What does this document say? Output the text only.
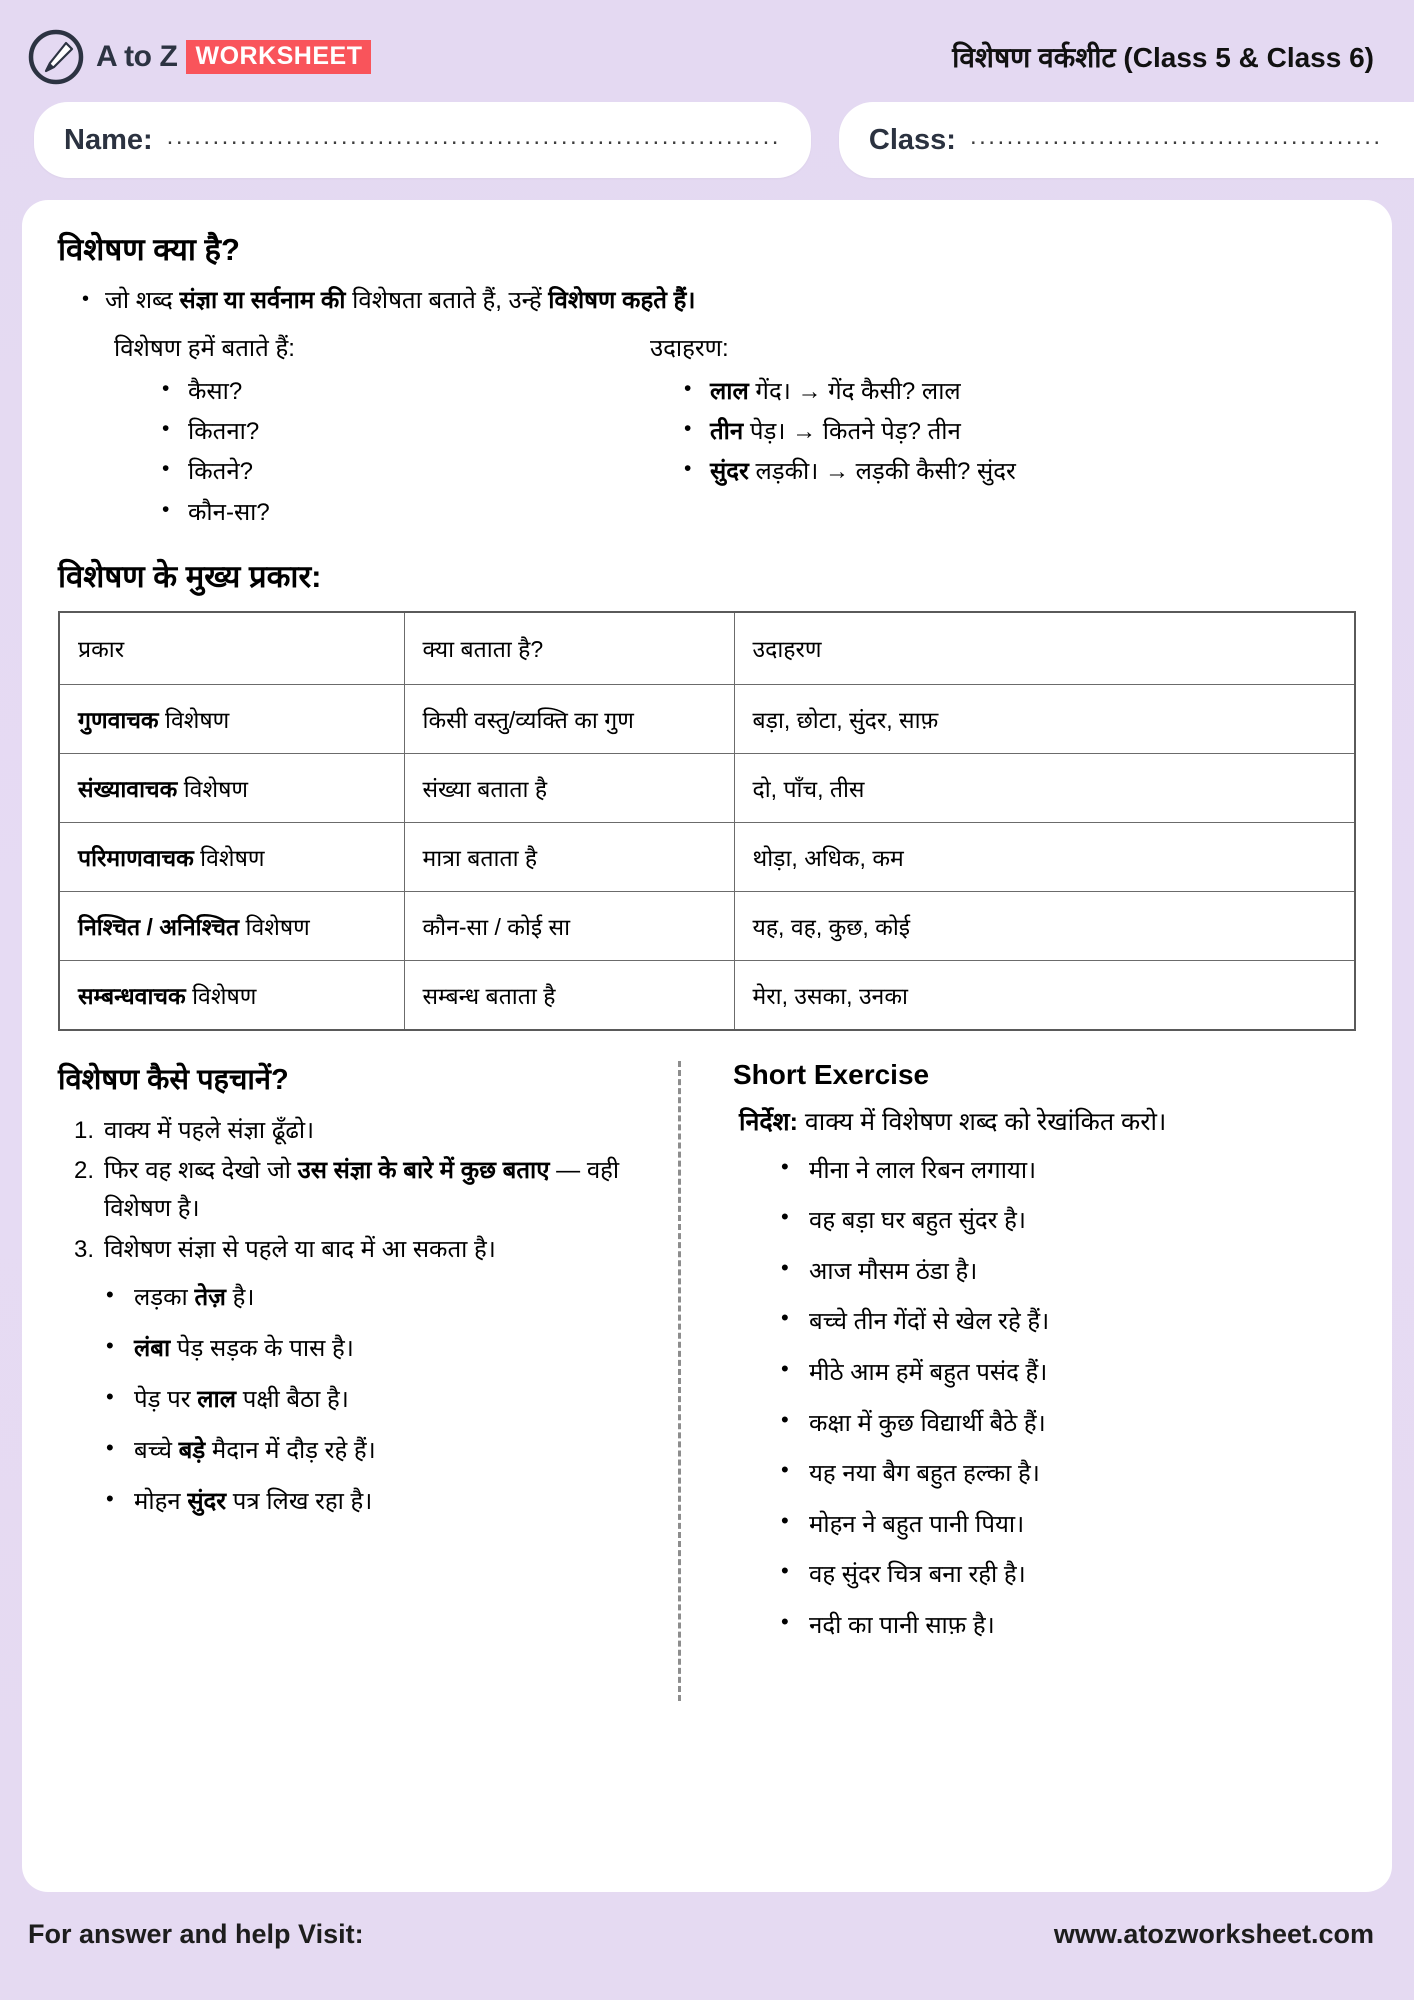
A to Z WORKSHEET	विशेषण वर्कशीट (Class 5 & Class 6)
Name: ...................................................................	Class: .............................................
विशेषण क्या है?
• जो शब्द संज्ञा या सर्वनाम की विशेषता बताते हैं, उन्हें विशेषण कहते हैं।
विशेषण हमें बताते हैं:
• कैसा?
• कितना?
• कितने?
• कौन-सा?
उदाहरण:
• लाल गेंद। → गेंद कैसी? लाल
• तीन पेड़। → कितने पेड़? तीन
• सुंदर लड़की। → लड़की कैसी? सुंदर
विशेषण के मुख्य प्रकार:
प्रकार	क्या बताता है?	उदाहरण
गुणवाचक विशेषण	किसी वस्तु/व्यक्ति का गुण	बड़ा, छोटा, सुंदर, साफ़
संख्यावाचक विशेषण	संख्या बताता है	दो, पाँच, तीस
परिमाणवाचक विशेषण	मात्रा बताता है	थोड़ा, अधिक, कम
निश्चित / अनिश्चित विशेषण	कौन-सा / कोई सा	यह, वह, कुछ, कोई
सम्बन्धवाचक विशेषण	सम्बन्ध बताता है	मेरा, उसका, उनका
विशेषण कैसे पहचानें?
वाक्य में पहले संज्ञा ढूँढो।
फिर वह शब्द देखो जो उस संज्ञा के बारे में कुछ बताए — वही विशेषण है।
विशेषण संज्ञा से पहले या बाद में आ सकता है।
• लड़का तेज़ है।
• लंबा पेड़ सड़क के पास है।
• पेड़ पर लाल पक्षी बैठा है।
• बच्चे बड़े मैदान में दौड़ रहे हैं।
• मोहन सुंदर पत्र लिख रहा है।
Short Exercise
निर्देश: वाक्य में विशेषण शब्द को रेखांकित करो।
• मीना ने लाल रिबन लगाया।
• वह बड़ा घर बहुत सुंदर है।
• आज मौसम ठंडा है।
• बच्चे तीन गेंदों से खेल रहे हैं।
• मीठे आम हमें बहुत पसंद हैं।
• कक्षा में कुछ विद्यार्थी बैठे हैं।
• यह नया बैग बहुत हल्का है।
• मोहन ने बहुत पानी पिया।
• वह सुंदर चित्र बना रही है।
• नदी का पानी साफ़ है।
For answer and help Visit:	www.atozworksheet.com
